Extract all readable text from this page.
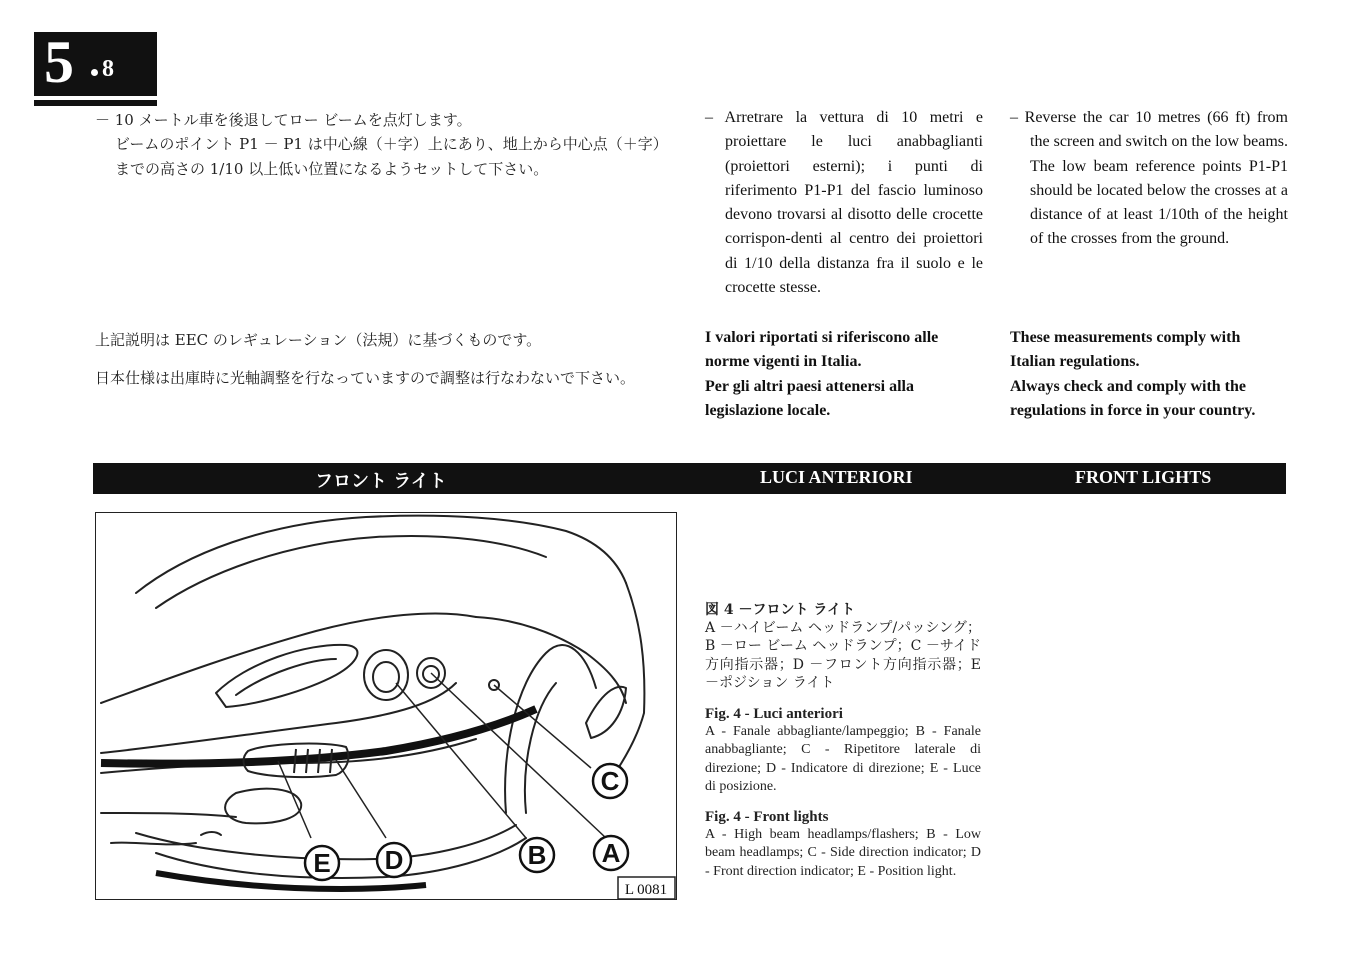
5 8

－ 10 メートル車を後退してロー ビームを点灯します。

ビームのポイント P1 － P1 は中心線（＋字）上にあり、地上から中心点（＋字）までの高さの 1/10 以上低い位置になるようセットして下さい。

上記説明は EEC のレギュレーション（法規）に基づくものです。

日本仕様は出庫時に光軸調整を行なっていますので調整は行なわないで下さい。

– Arretrare la vettura di 10 metri e proiettare le luci anabbaglianti (proiettori esterni); i punti di riferimento P1-P1 del fascio luminoso devono trovarsi al disotto delle crocette corrispon-denti al centro dei proiettori di 1/10 della distanza fra il suolo e le crocette stesse.

I valori riportati si riferiscono alle norme vigenti in Italia.

Per gli altri paesi attenersi alla legislazione locale.

– Reverse the car 10 metres (66 ft) from the screen and switch on the low beams. The low beam reference points P1-P1 should be located below the crosses at a distance of at least 1/10th of the height of the crosses from the ground.

These measurements comply with Italian regulations.

Always check and comply with the regulations in force in your country.

フロント ライト	LUCI ANTERIORI	FRONT LIGHTS
A
B
C
D
E
L 0081
図 4 －フロント ライト
A －ハイビーム ヘッドランプ/パッシング；B －ロー ビーム ヘッドランプ；C －サイド方向指示器；D －フロント方向指示器；E －ポジション ライト
Fig. 4 - Luci anteriori
A - Fanale abbagliante/lampeggio; B - Fanale anabbagliante; C - Ripetitore laterale di direzione; D - Indicatore di direzione; E - Luce di posizione.
Fig. 4 - Front lights
A - High beam headlamps/flashers; B - Low beam headlamps; C - Side direction indicator; D - Front direction indicator; E - Position light.
